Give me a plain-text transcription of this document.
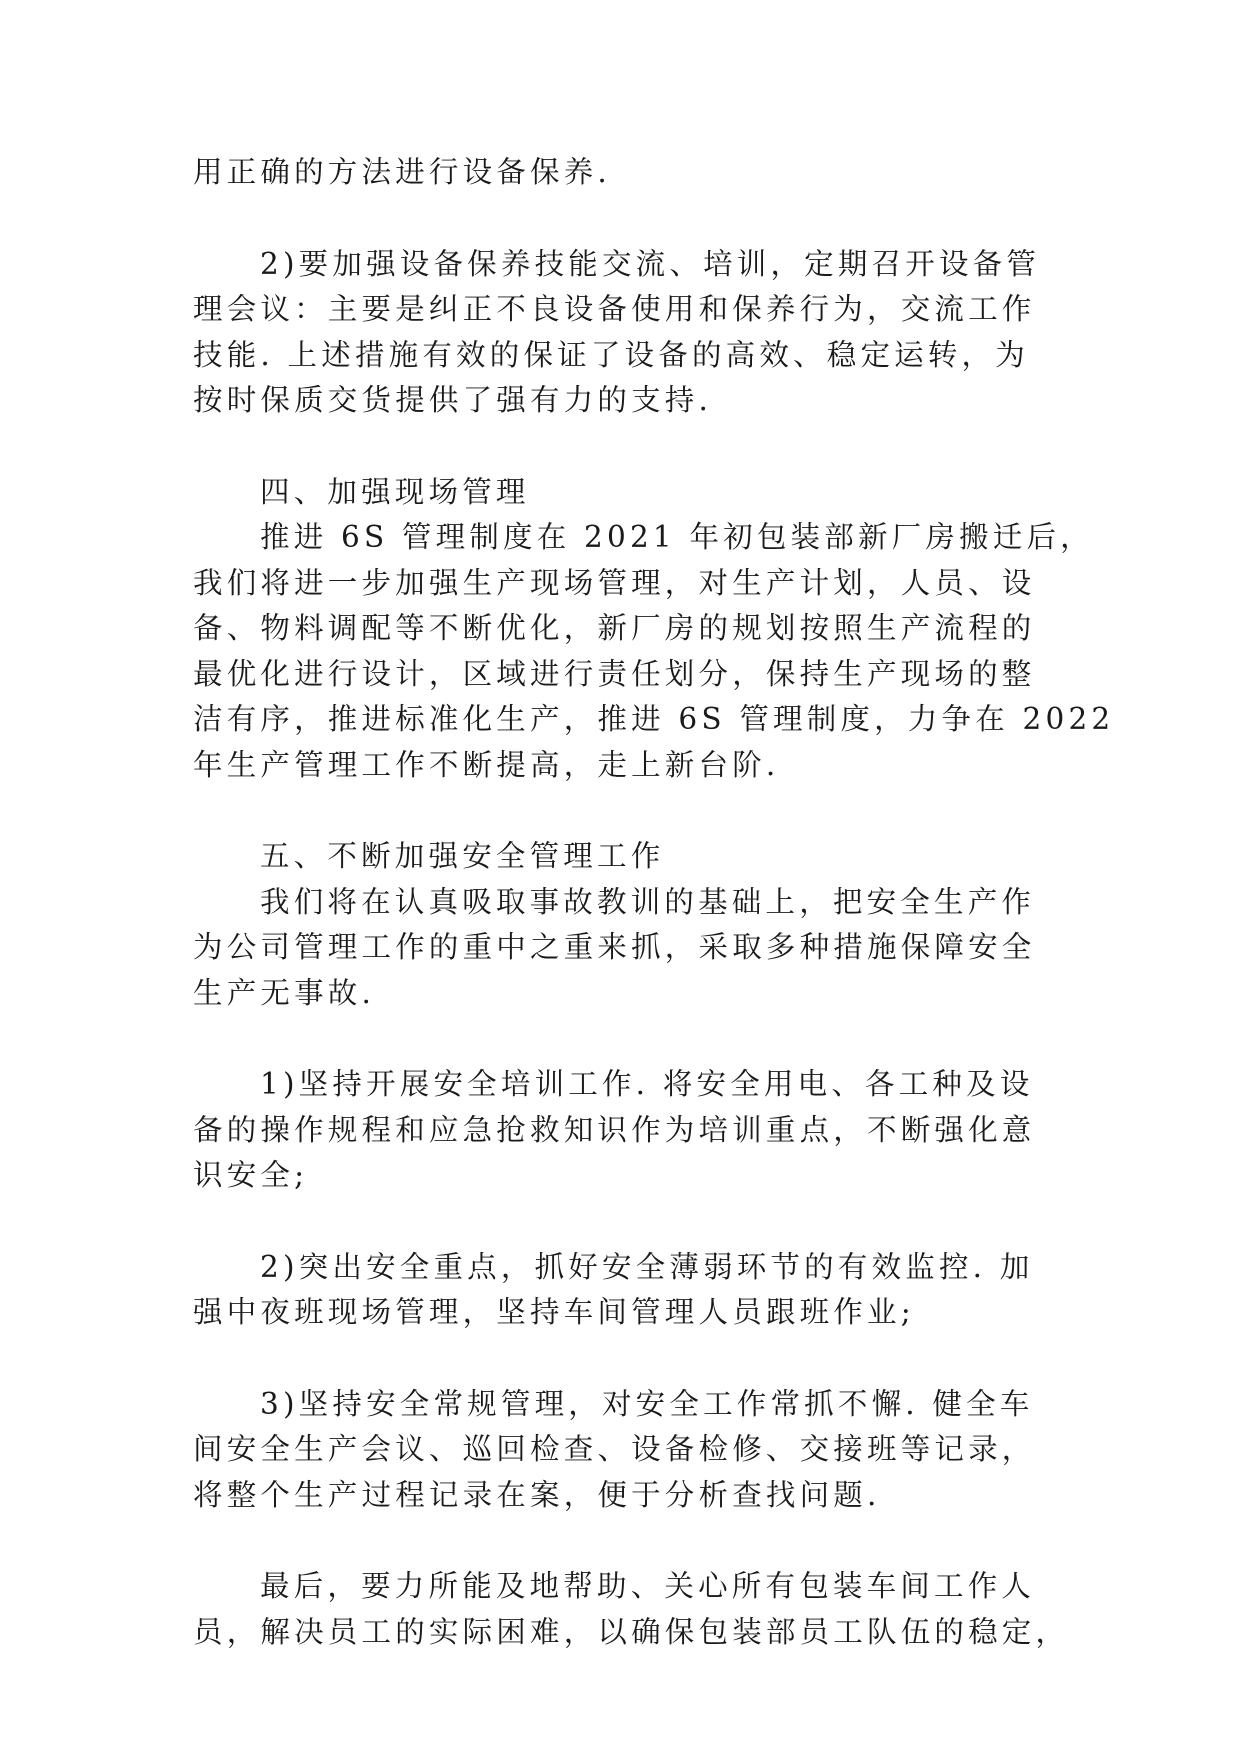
用正确的方法进行设备保养.
2)要加强设备保养技能交流、培训，定期召开设备管
理会议：主要是纠正不良设备使用和保养行为，交流工作
技能. 上述措施有效的保证了设备的高效、稳定运转，为
按时保质交货提供了强有力的支持.
四、加强现场管理
推进 6S 管理制度在 2021 年初包装部新厂房搬迁后，
我们将进一步加强生产现场管理，对生产计划，人员、设
备、物料调配等不断优化，新厂房的规划按照生产流程的
最优化进行设计，区域进行责任划分，保持生产现场的整
洁有序，推进标准化生产，推进 6S 管理制度，力争在 2022
年生产管理工作不断提高，走上新台阶.
五、不断加强安全管理工作
我们将在认真吸取事故教训的基础上，把安全生产作
为公司管理工作的重中之重来抓，采取多种措施保障安全
生产无事故.
1)坚持开展安全培训工作. 将安全用电、各工种及设
备的操作规程和应急抢救知识作为培训重点，不断强化意
识安全;
2)突出安全重点，抓好安全薄弱环节的有效监控. 加
强中夜班现场管理，坚持车间管理人员跟班作业;
3)坚持安全常规管理，对安全工作常抓不懈. 健全车
间安全生产会议、巡回检查、设备检修、交接班等记录，
将整个生产过程记录在案，便于分析查找问题.
最后，要力所能及地帮助、关心所有包装车间工作人
员，解决员工的实际困难，以确保包装部员工队伍的稳定，
